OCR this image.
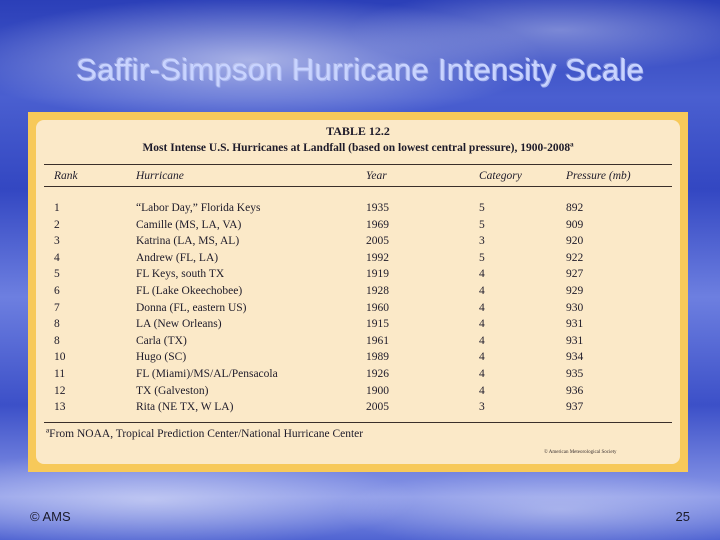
Saffir-Simpson Hurricane Intensity Scale
TABLE 12.2
Most Intense U.S. Hurricanes at Landfall (based on lowest central pressure), 1900-2008ª
Rank	Hurricane	Year	Category	Pressure (mb)
1	“Labor Day,” Florida Keys	1935	5	892
2	Camille (MS, LA, VA)	1969	5	909
3	Katrina (LA, MS, AL)	2005	3	920
4	Andrew (FL, LA)	1992	5	922
5	FL Keys, south TX	1919	4	927
6	FL (Lake Okeechobee)	1928	4	929
7	Donna (FL, eastern US)	1960	4	930
8	LA (New Orleans)	1915	4	931
8	Carla (TX)	1961	4	931
10	Hugo (SC)	1989	4	934
11	FL (Miami)/MS/AL/Pensacola	1926	4	935
12	TX (Galveston)	1900	4	936
13	Rita (NE TX, W LA)	2005	3	937
ªFrom NOAA, Tropical Prediction Center/National Hurricane Center
© American Meteorological Society
© AMS	25
